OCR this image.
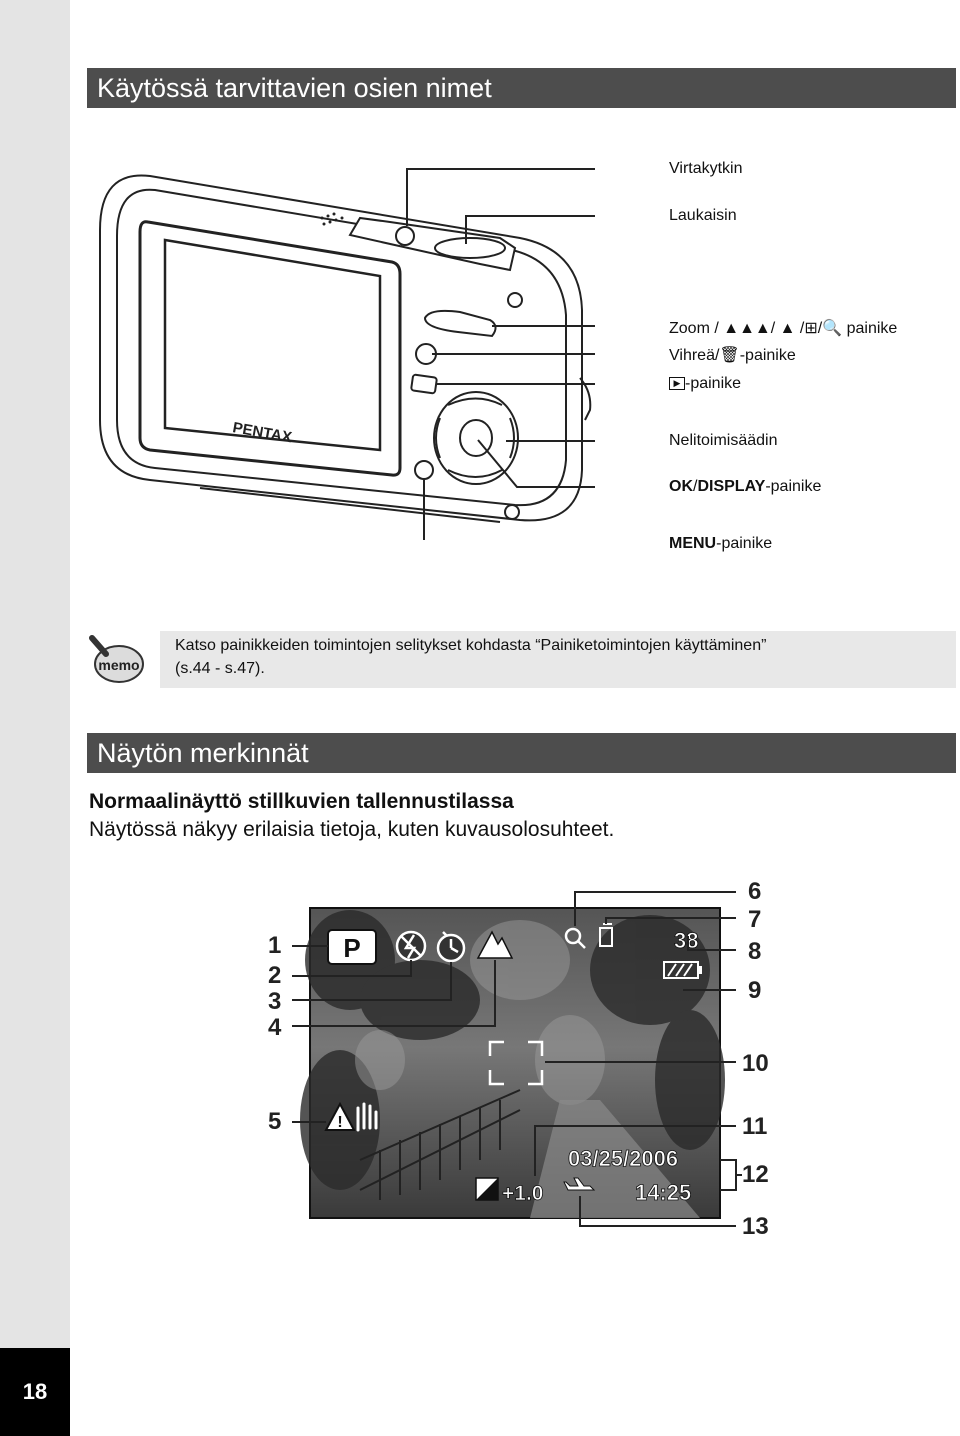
18
Käytössä tarvittavien osien nimet
PENTAX
Virtakytkin
Laukaisin
Zoom / ▲▲▲/ ▲ /⊞/🔍 painike
Vihreä/🗑-painike
▶ -painike
Nelitoimisäädin
OK/DISPLAY-painike
MENU-painike
memo
Katso painikkeiden toimintojen selitykset kohdasta “Painiketoimintojen käyttäminen”
(s.44 - s.47).
Näytön merkinnät
Normaalinäyttö stillkuvien tallennustilassa
Näytössä näkyy erilaisia tietoja, kuten kuvausolosuhteet.
P	38
!
+1.0
03/25/2006
14:25
1
2
3
4
5
6
7
8
9
10
11
12
13
